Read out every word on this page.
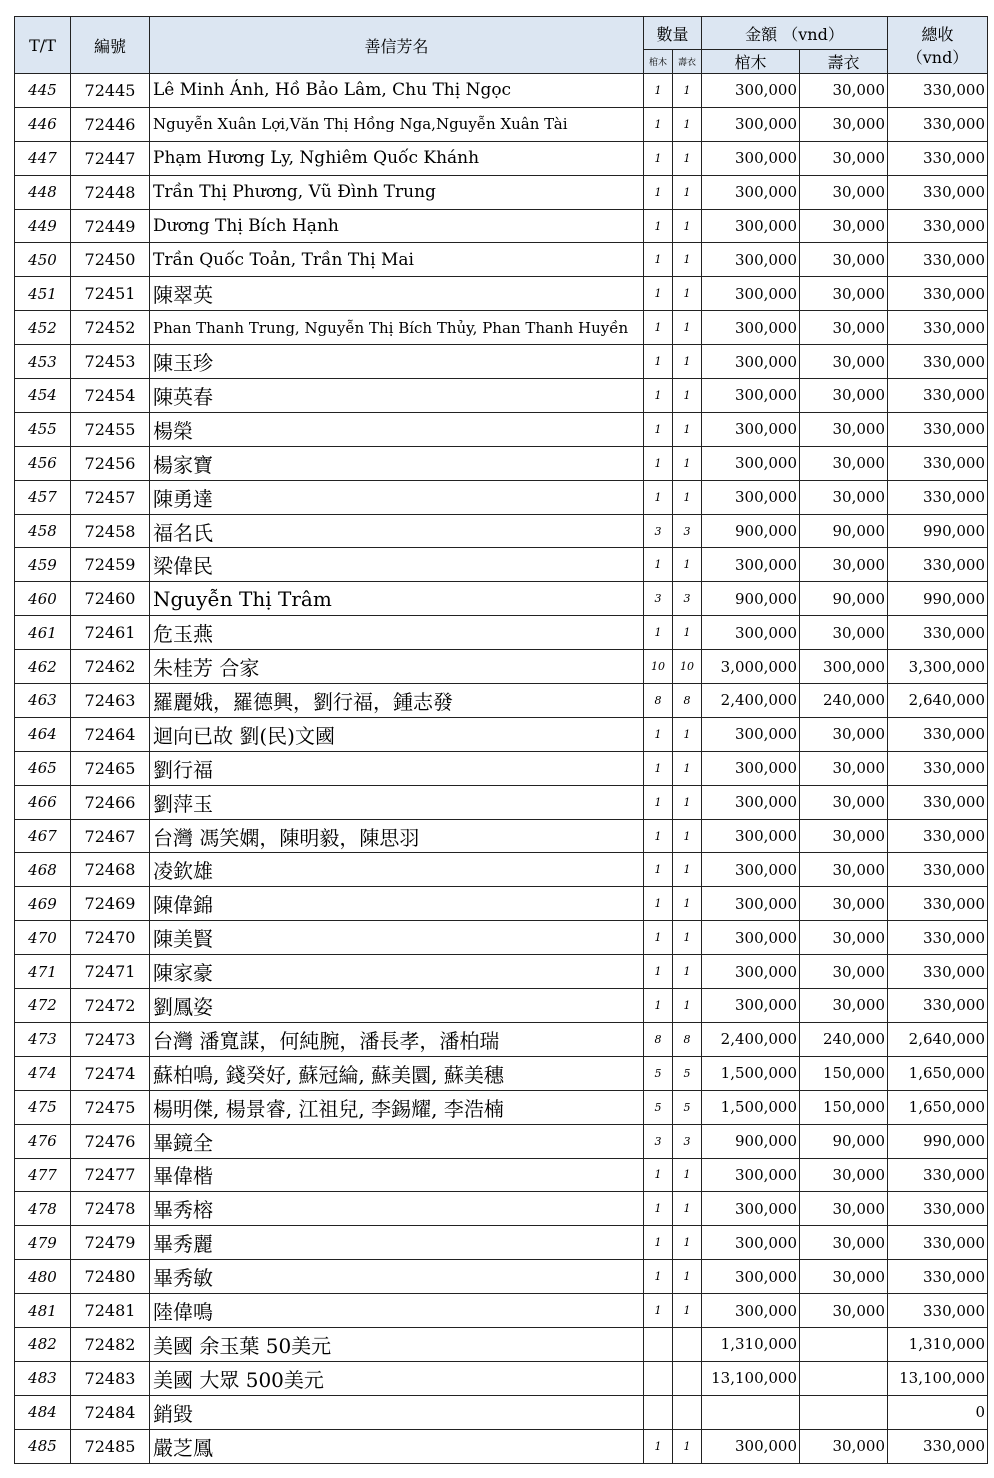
T/T	編號	善信芳名	數量		金額 （vnd）		總收
（vnd）

			棺木	壽衣	棺木	壽衣	
445	72445	Lê Minh Ánh, Hồ Bảo Lâm, Chu Thị Ngọc	1	1	300,000	30,000	330,000
446	72446	Nguyễn Xuân Lợi,Văn Thị Hồng Nga,Nguyễn Xuân Tài	1	1	300,000	30,000	330,000
447	72447	Phạm Hương Ly, Nghiêm Quốc Khánh	1	1	300,000	30,000	330,000
448	72448	Trần Thị Phương, Vũ Đình Trung	1	1	300,000	30,000	330,000
449	72449	Dương Thị Bích Hạnh	1	1	300,000	30,000	330,000
450	72450	Trần Quốc Toản, Trần Thị Mai	1	1	300,000	30,000	330,000
451	72451	陳翠英	1	1	300,000	30,000	330,000
452	72452	Phan Thanh Trung, Nguyễn Thị Bích Thủy, Phan Thanh Huyền	1	1	300,000	30,000	330,000
453	72453	陳玉珍	1	1	300,000	30,000	330,000
454	72454	陳英春	1	1	300,000	30,000	330,000
455	72455	楊榮	1	1	300,000	30,000	330,000
456	72456	楊家寶	1	1	300,000	30,000	330,000
457	72457	陳勇達	1	1	300,000	30,000	330,000
458	72458	福名氏	3	3	900,000	90,000	990,000
459	72459	梁偉民	1	1	300,000	30,000	330,000
460	72460	Nguyễn Thị Trâm	3	3	900,000	90,000	990,000
461	72461	危玉燕	1	1	300,000	30,000	330,000
462	72462	朱桂芳 合家	10	10	3,000,000	300,000	3,300,000
463	72463	羅麗娥，羅德興，劉行福，鍾志發	8	8	2,400,000	240,000	2,640,000
464	72464	迴向已故 劉(民)文國	1	1	300,000	30,000	330,000
465	72465	劉行福	1	1	300,000	30,000	330,000
466	72466	劉萍玉	1	1	300,000	30,000	330,000
467	72467	台灣 馮笑嫻，陳明毅，陳思羽	1	1	300,000	30,000	330,000
468	72468	凌欽雄	1	1	300,000	30,000	330,000
469	72469	陳偉錦	1	1	300,000	30,000	330,000
470	72470	陳美賢	1	1	300,000	30,000	330,000
471	72471	陳家豪	1	1	300,000	30,000	330,000
472	72472	劉鳳姿	1	1	300,000	30,000	330,000
473	72473	台灣 潘寬謀，何純腕，潘長孝，潘柏瑞	8	8	2,400,000	240,000	2,640,000
474	72474	蘇柏鳴, 錢癸好, 蘇冠綸, 蘇美圜, 蘇美穗	5	5	1,500,000	150,000	1,650,000
475	72475	楊明傑, 楊景睿, 江祖兒, 李錫耀, 李浩楠	5	5	1,500,000	150,000	1,650,000
476	72476	畢鏡全	3	3	900,000	90,000	990,000
477	72477	畢偉楷	1	1	300,000	30,000	330,000
478	72478	畢秀榕	1	1	300,000	30,000	330,000
479	72479	畢秀麗	1	1	300,000	30,000	330,000
480	72480	畢秀敏	1	1	300,000	30,000	330,000
481	72481	陸偉鳴	1	1	300,000	30,000	330,000
482	72482	美國 余玉葉 50美元			1,310,000		1,310,000
483	72483	美國 大眾 500美元			13,100,000		13,100,000
484	72484	銷毀					0
485	72485	嚴芝鳳	1	1	300,000	30,000	330,000
